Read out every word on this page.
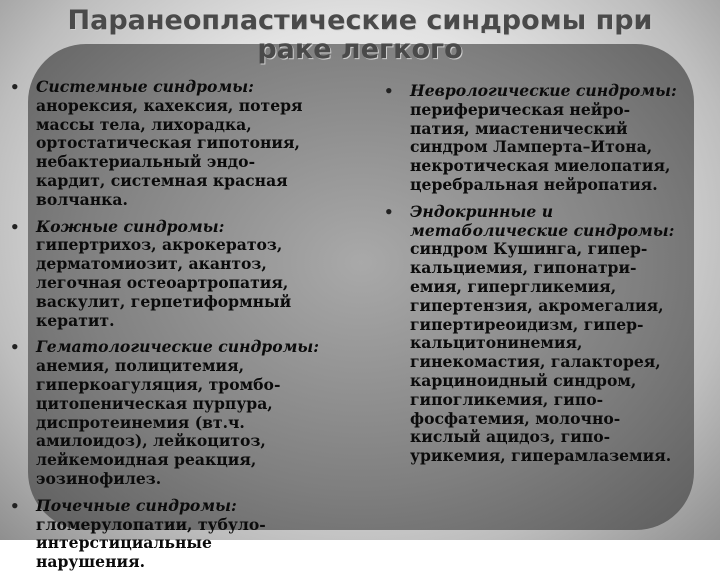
Паранеопластические синдромы при
раке легкого
• Системные синдромы:
анорексия, кахексия, потеря
массы тела, лихорадка,
ортостатическая гипотония,
небактериальный эндо-
кардит, системная красная
волчанка.
• Кожные синдромы:
гипертрихоз, акрокератоз,
дерматомиозит, акантоз,
легочная остеоартропатия,
васкулит, герпетиформный
кератит.
• Гематологические синдромы:
анемия, полицитемия,
гиперкоагуляция, тромбо-
цитопеническая пурпура,
диспротеинемия (вт.ч.
амилоидоз), лейкоцитоз,
лейкемоидная реакция,
эозинофилез.
• Почечные синдромы:
гломерулопатии, тубуло-
интерстициальные
нарушения.
• Неврологические синдромы:
периферическая нейро-
патия, миастенический
синдром Ламперта–Итона,
некротическая миелопатия,
церебральная нейропатия.
• Эндокринные и
метаболические синдромы:
синдром Кушинга, гипер-
кальциемия, гипонатри-
емия, гипергликемия,
гипертензия, акромегалия,
гипертиреоидизм, гипер-
кальцитонинемия,
гинекомастия, галакторея,
карциноидный синдром,
гипогликемия, гипо-
фосфатемия, молочно-
кислый ацидоз, гипо-
урикемия, гиперамлаземия.
